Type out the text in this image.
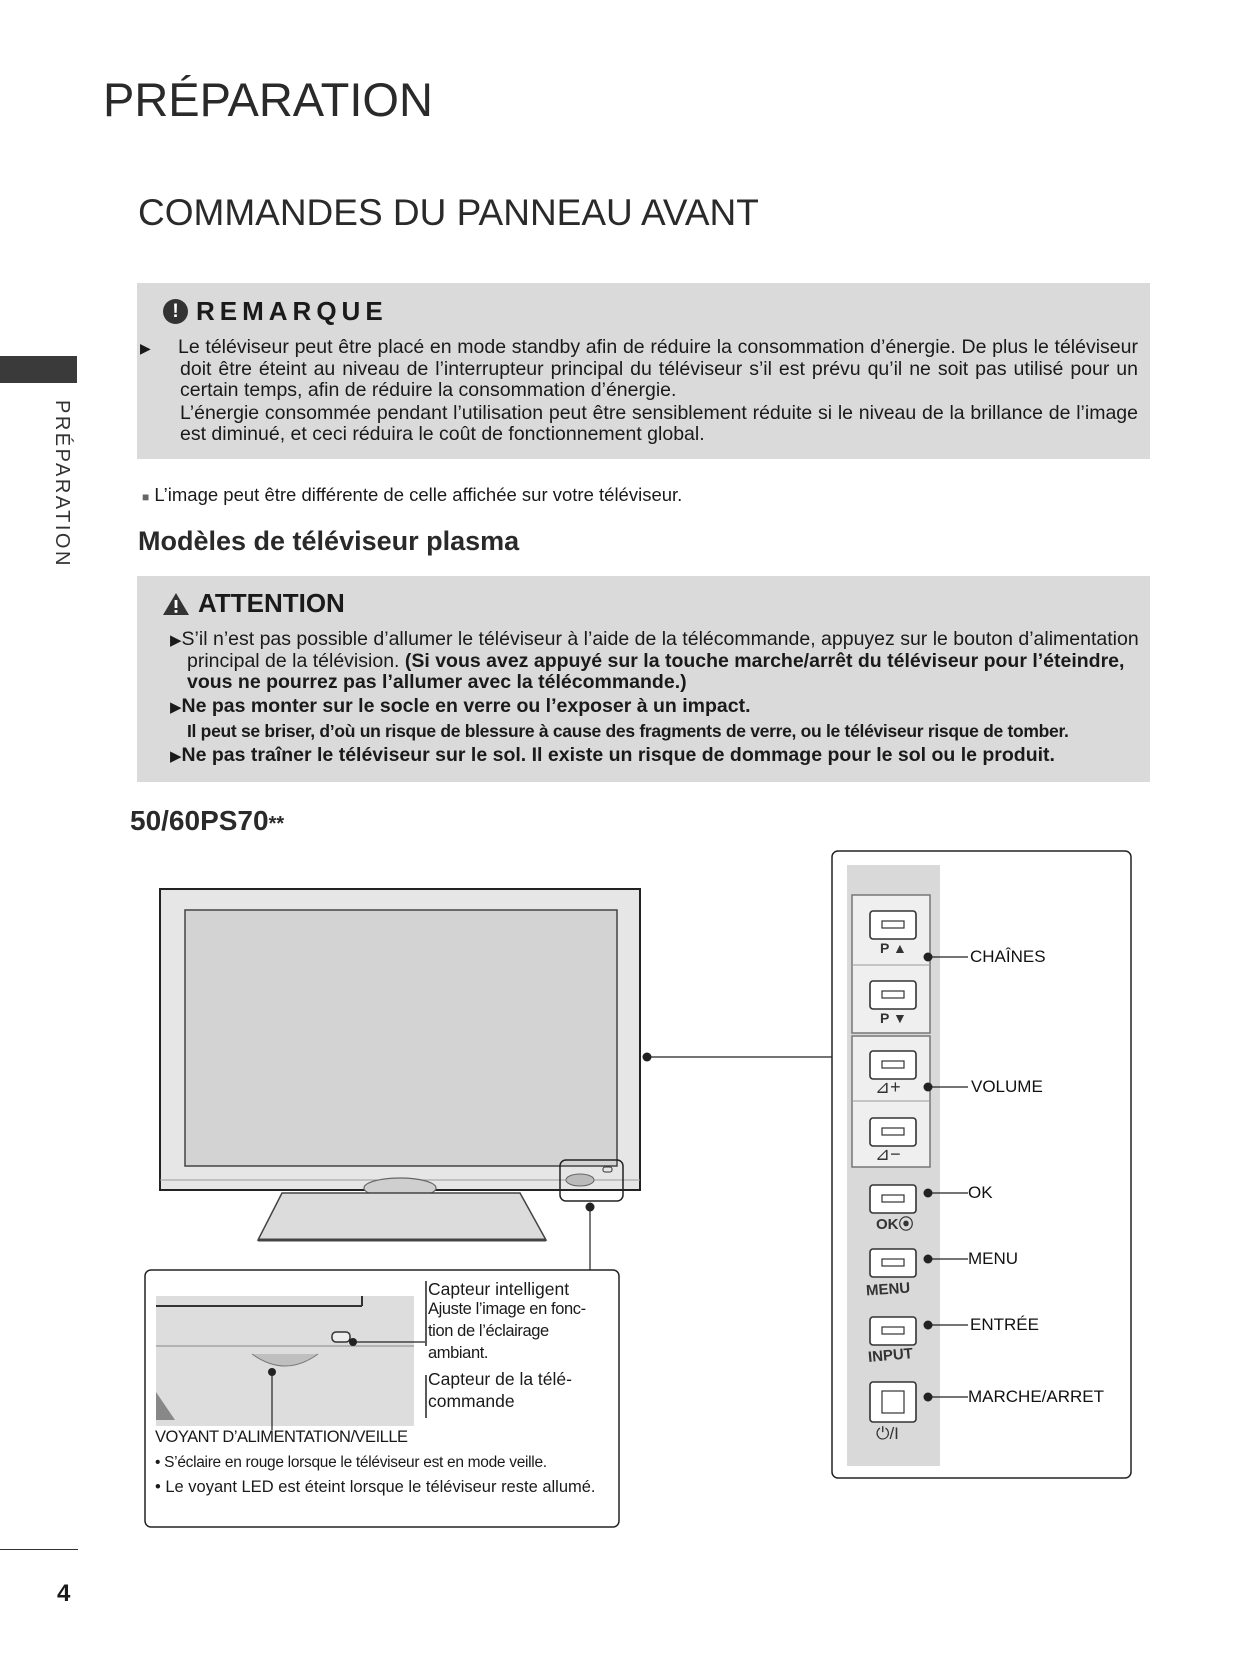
PRÉPARATION
COMMANDES DU PANNEAU AVANT
PRÉPARATION
! REMARQUE
▶ Le téléviseur peut être placé en mode standby afin de réduire la consommation d’énergie. De plus le téléviseur doit être éteint au niveau de l’interrupteur principal du téléviseur s’il est prévu qu’il ne soit pas utilisé pour un certain temps, afin de réduire la consommation d’énergie.
L’énergie consommée pendant l’utilisation peut être sensiblement réduite si le niveau de la brillance de l’image est diminué, et ceci réduira le coût de fonctionnement global.
■ L’image peut être différente de celle affichée sur votre téléviseur.
Modèles de téléviseur plasma
ATTENTION

▶S’il n’est pas possible d’allumer le téléviseur à l’aide de la télécommande, appuyez sur le bouton d’alimentation principal de la télévision. (Si vous avez appuyé sur la touche marche/arrêt du téléviseur pour l’éteindre, vous ne pourrez pas l’allumer avec la télécommande.)

▶Ne pas monter sur le socle en verre ou l’exposer à un impact.

Il peut se briser, d’où un risque de blessure à cause des fragments de verre, ou le téléviseur risque de tomber.

▶Ne pas traîner le téléviseur sur le sol. Il existe un risque de dommage pour le sol ou le produit.

50/60PS70**
P ▲
P ▼
⊿+
⊿−
OK⦿
MENU
INPUT
⏻/I
CHAÎNES
VOLUME
OK
MENU
ENTRÉE
MARCHE/ARRET
Capteur intelligent
Ajuste l’image en fonc-
tion de l’éclairage
ambiant.
Capteur de la télé-
commande
VOYANT D’ALIMENTATION/VEILLE
• S’éclaire en rouge lorsque le téléviseur est en mode veille.
• Le voyant LED est éteint lorsque le téléviseur reste allumé.
4
